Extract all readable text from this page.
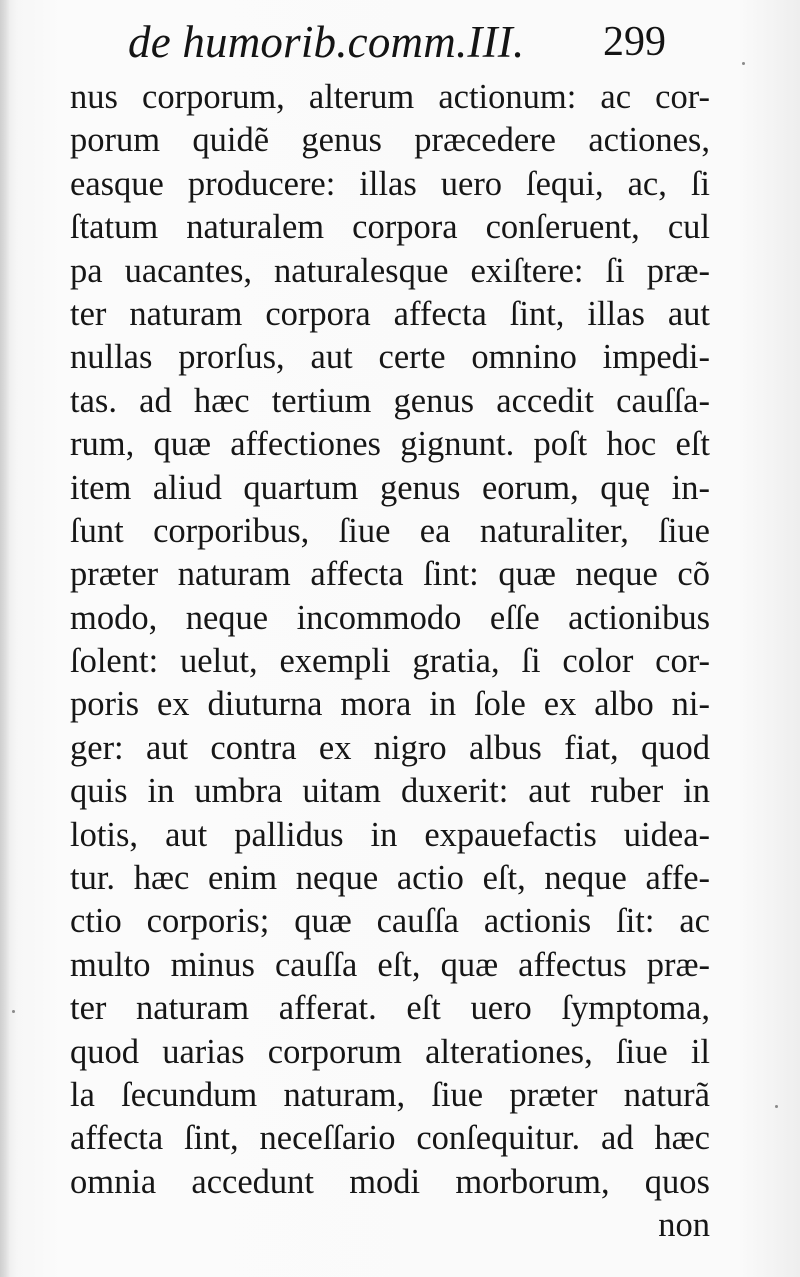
de humorib.comm.III. 299
nus corporum, alterum actionum: ac cor-
porum quidẽ genus præcedere actiones,
easque producere: illas uero ſequi, ac, ſi
ſtatum naturalem corpora conſeruent, cul
pa uacantes, naturalesque exiſtere: ſi præ-
ter naturam corpora affecta ſint, illas aut
nullas prorſus, aut certe omnino impedi-
tas. ad hæc tertium genus accedit cauſſa-
rum, quæ affectiones gignunt. poſt hoc eſt
item aliud quartum genus eorum, quę in-
ſunt corporibus, ſiue ea naturaliter, ſiue
præter naturam affecta ſint: quæ neque cõ
modo, neque incommodo eſſe actionibus
ſolent: uelut, exempli gratia, ſi color cor-
poris ex diuturna mora in ſole ex albo ni-
ger: aut contra ex nigro albus fiat, quod
quis in umbra uitam duxerit: aut ruber in
lotis, aut pallidus in expauefactis uidea-
tur. hæc enim neque actio eſt, neque affe-
ctio corporis; quæ cauſſa actionis ſit: ac
multo minus cauſſa eſt, quæ affectus præ-
ter naturam afferat. eſt uero ſymptoma,
quod uarias corporum alterationes, ſiue il
la ſecundum naturam, ſiue præter naturã
affecta ſint, neceſſario conſequitur. ad hæc
omnia accedunt modi morborum, quos
non
